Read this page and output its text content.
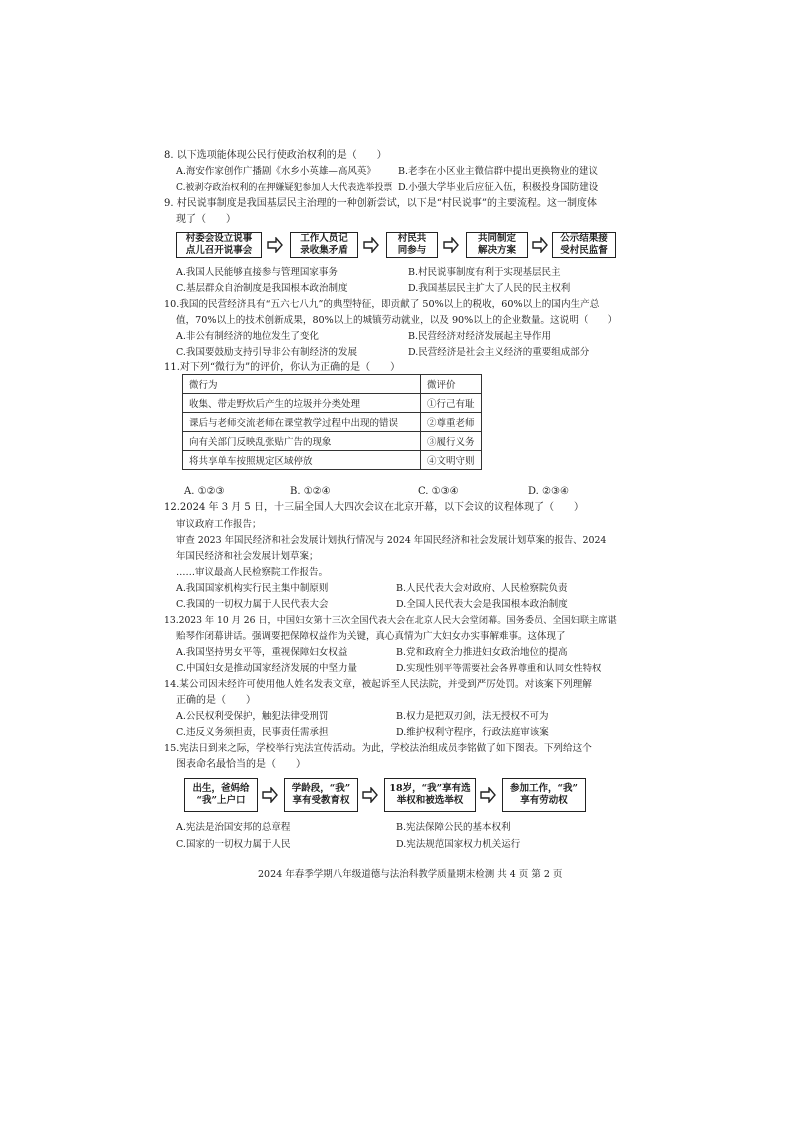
8. 以下选项能体现公民行使政治权利的是（　　）
A.海安作家创作广播剧《水乡小英雄—高风英》 B.老李在小区业主微信群中提出更换物业的建议
C.被剥夺政治权利的在押嫌疑犯参加人大代表选举投票 D.小强大学毕业后应征入伍，积极投身国防建设
9. 村民说事制度是我国基层民主治理的一种创新尝试，以下是“村民说事”的主要流程。这一制度体
现了（　　）
村委会设立说事
点儿召开说事会
工作人员记
录收集矛盾
村民共
同参与
共同制定
解决方案
公示结果接
受村民监督
A.我国人民能够直接参与管理国家事务	B.村民说事制度有利于实现基层民主
C.基层群众自治制度是我国根本政治制度	D.我国基层民主扩大了人民的民主权利
10.我国的民营经济具有“五六七八九”的典型特征，即贡献了 50%以上的税收，60%以上的国内生产总
值，70%以上的技术创新成果，80%以上的城镇劳动就业，以及 90%以上的企业数量。这说明（　　）
A.非公有制经济的地位发生了变化	B.民营经济对经济发展起主导作用
C.我国要鼓励支持引导非公有制经济的发展	D.民营经济是社会主义经济的重要组成部分
11.对下列“微行为”的评价，你认为正确的是（　　）
微行为	微评价
收集、带走野炊后产生的垃圾并分类处理	①行己有耻
课后与老师交流老师在课堂教学过程中出现的错误	②尊重老师
向有关部门反映乱张贴广告的现象	③履行义务
将共享单车按照规定区域停放	④文明守则
A. ①②③	B. ①②④	C. ①③④	D. ②③④
12.2024 年 3 月 5 日，十三届全国人大四次会议在北京开幕，以下会议的议程体现了（　　）
审议政府工作报告；
审查 2023 年国民经济和社会发展计划执行情况与 2024 年国民经济和社会发展计划草案的报告、2024
年国民经济和社会发展计划草案；
……审议最高人民检察院工作报告。
A.我国国家机构实行民主集中制原则	B.人民代表大会对政府、人民检察院负责
C.我国的一切权力属于人民代表大会	D.全国人民代表大会是我国根本政治制度
13.2023 年 10 月 26 日，中国妇女第十三次全国代表大会在北京人民大会堂闭幕。国务委员、全国妇联主席谌
贻琴作闭幕讲话。强调要把保障权益作为关键，真心真情为广大妇女办实事解难事。这体现了
A.我国坚持男女平等，重视保障妇女权益	B.党和政府全力推进妇女政治地位的提高
C.中国妇女是推动国家经济发展的中坚力量	D.实现性别平等需要社会各界尊重和认同女性特权
14.某公司因未经许可使用他人姓名发表文章，被起诉至人民法院，并受到严厉处罚。对该案下列理解
正确的是（　　）
A.公民权利受保护，触犯法律受刑罚	B.权力是把双刃剑，法无授权不可为
C.违反义务须担责，民事责任需承担	D.维护权利守程序，行政法庭审该案
15.宪法日到来之际，学校举行宪法宣传活动。为此，学校法治组成员李铭做了如下图表。下列给这个
图表命名最恰当的是（　　）
出生，爸妈给
“我”上户口
学龄段，“我”
享有受教育权
18岁，“我”享有选
举权和被选举权
参加工作，“我”
享有劳动权
A.宪法是治国安邦的总章程	B.宪法保障公民的基本权利
C.国家的一切权力属于人民	D.宪法规范国家权力机关运行
2024 年春季学期八年级道德与法治科教学质量期末检测 共 4 页 第 2 页
